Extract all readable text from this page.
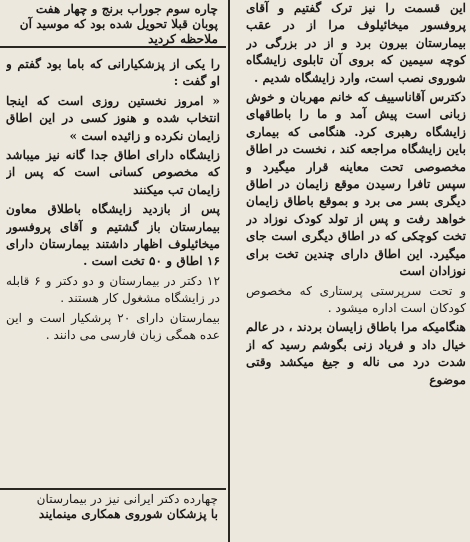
چاره سوم جوراب برنج و چهار هفت پوبان قبلا تحویل شده بود که موسید آن ملاحظه کردید

را یکی از پزشکیارانی که باما بود گفتم و او گفت :

« امروز نخستين روزی است که اینجا انتخاب شده و هنوز کسی در این اطاق زایمان نکرده و زائیده است »

زایشگاه دارای اطاق جدا گانه نیز میباشد که مخصوص کسانی است که پس از زایمان تب میکنند

پس از بازدید زایشگاه باطلاق معاون بیمارستان باز گشتیم و آقای پروفسور میخائیلوف اظهار داشتند بیمارستان دارای ۱۶ اطاق و ۵۰ تخت است .

۱۲ دکتر در بیمارستان و دو دکتر و ۶ قابله در زایشگاه مشغول کار هستند .

بیمارستان دارای ۲۰ پرشکیار است و این عده همگی زبان فارسی می دانند .

چهارده دکتر ایرانی نیز در بیمارستان
با پزشکان شوروی همکاری مینمایند

این قسمت را نیز ترک گفتیم و آقای پروفسور میخائیلوف مرا از در عقب بیمارستان بیرون برد و از در بزرگی در کوچه سیمین که بروی آن تابلوی زایشگاه شوروی نصب است، وارد زایشگاه شدیم .

دکترس آقاناسییف که خانم مهربان و خوش زبانی است پیش آمد و ما را باطاقهای زایشگاه رهبری کرد. هنگامی که بیماری باین زایشگاه مراجعه کند ، نخست در اطاق مخصوصی تحت معاینه قرار میگیرد و سپس تافرا رسیدن موقع زایمان در اطاق دیگری بسر می برد و بموقع باطاق زایمان خواهد رفت و پس از تولد کودک نوزاد در تخت کوچکی که در اطاق دیگری است جای میگیرد. این اطاق دارای چندین تخت برای نوزادان است

و تحت سرپرستی پرستاری که مخصوص کودکان است اداره میشود .

هنگامیکه مرا باطاق زایسان بردند ، در عالم خیال داد و فریاد زنی بگوشم رسید که از شدت درد می ناله و جیغ میکشد وقتی موضوع
